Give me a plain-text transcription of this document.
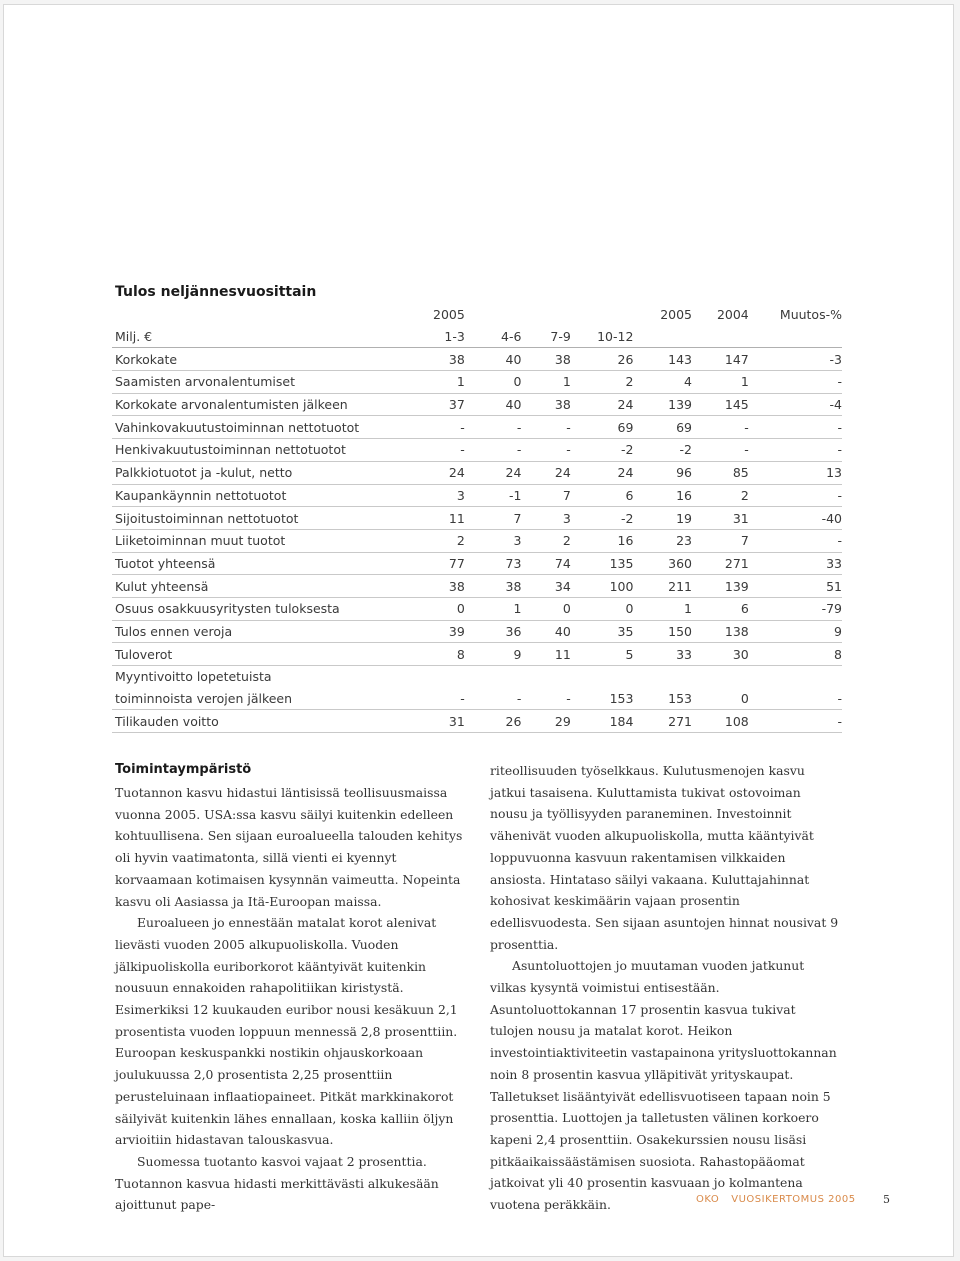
Tulos neljännesvuosittain
	2005				2005	2004	Muutos-%
Milj. €	1-3	4-6	7-9	10-12			
Korkokate	38	40	38	26	143	147	-3
Saamisten arvonalentumiset	1	0	1	2	4	1	-
Korkokate arvonalentumisten jälkeen	37	40	38	24	139	145	-4
Vahinkovakuutustoiminnan nettotuotot	-	-	-	69	69	-	-
Henkivakuutustoiminnan nettotuotot	-	-	-	-2	-2	-	-
Palkkiotuotot ja -kulut, netto	24	24	24	24	96	85	13
Kaupankäynnin nettotuotot	3	-1	7	6	16	2	-
Sijoitustoiminnan nettotuotot	11	7	3	-2	19	31	-40
Liiketoiminnan muut tuotot	2	3	2	16	23	7	-
Tuotot yhteensä	77	73	74	135	360	271	33
Kulut yhteensä	38	38	34	100	211	139	51
Osuus osakkuusyritysten tuloksesta	0	1	0	0	1	6	-79
Tulos ennen veroja	39	36	40	35	150	138	9
Tuloverot	8	9	11	5	33	30	8
Myyntivoitto lopetetuista							
toiminnoista verojen jälkeen	-	-	-	153	153	0	-
Tilikauden voitto	31	26	29	184	271	108	-
Toimintaympäristö

Tuotannon kasvu hidastui läntisissä teollisuusmaissa vuonna 2005. USA:ssa kasvu säilyi kuitenkin edelleen kohtuullisena. Sen sijaan euroalueella talouden kehitys oli hyvin vaatimatonta, sillä vienti ei kyennyt korvaamaan kotimaisen kysynnän vaimeutta. Nopeinta kasvu oli Aasiassa ja Itä-Euroopan maissa.

Euroalueen jo ennestään matalat korot alenivat lievästi vuoden 2005 alkupuoliskolla. Vuoden jälkipuoliskolla euriborkorot kääntyivät kuitenkin nousuun ennakoiden rahapolitiikan kiristystä. Esimerkiksi 12 kuukauden euribor nousi kesäkuun 2,1 prosentista vuoden loppuun mennessä 2,8 prosenttiin. Euroopan keskuspankki nostikin ohjauskorkoaan joulukuussa 2,0 prosentista 2,25 prosenttiin perusteluinaan inflaatiopaineet. Pitkät markkinakorot säilyivät kuitenkin lähes ennallaan, koska kalliin öljyn arvioitiin hidastavan talouskasvua.

Suomessa tuotanto kasvoi vajaat 2 prosenttia. Tuotannon kasvua hidasti merkittävästi alkukesään ajoittunut pape-

riteollisuuden työselkkaus. Kulutusmenojen kasvu jatkui tasaisena. Kuluttamista tukivat ostovoiman nousu ja työllisyyden paraneminen. Investoinnit vähenivät vuoden alkupuoliskolla, mutta kääntyivät loppuvuonna kasvuun rakentamisen vilkkaiden ansiosta. Hintataso säilyi vakaana. Kuluttajahinnat kohosivat keskimäärin vajaan prosentin edellisvuodesta. Sen sijaan asuntojen hinnat nousivat 9 prosenttia.

Asuntoluottojen jo muutaman vuoden jatkunut vilkas kysyntä voimistui entisestään. Asuntoluottokannan 17 prosentin kasvua tukivat tulojen nousu ja matalat korot. Heikon investointiaktiviteetin vastapainona yritysluottokannan noin 8 prosentin kasvua ylläpitivät yrityskaupat. Talletukset lisääntyivät edellisvuotiseen tapaan noin 5 prosenttia. Luottojen ja talletusten välinen korkoero kapeni 2,4 prosenttiin. Osakekurssien nousu lisäsi pitkäaikaissäästämisen suosiota. Rahastopääomat jatkoivat yli 40 prosentin kasvuaan jo kolmantena vuotena peräkkäin.	OKO VUOSIKERTOMUS 2005 5
